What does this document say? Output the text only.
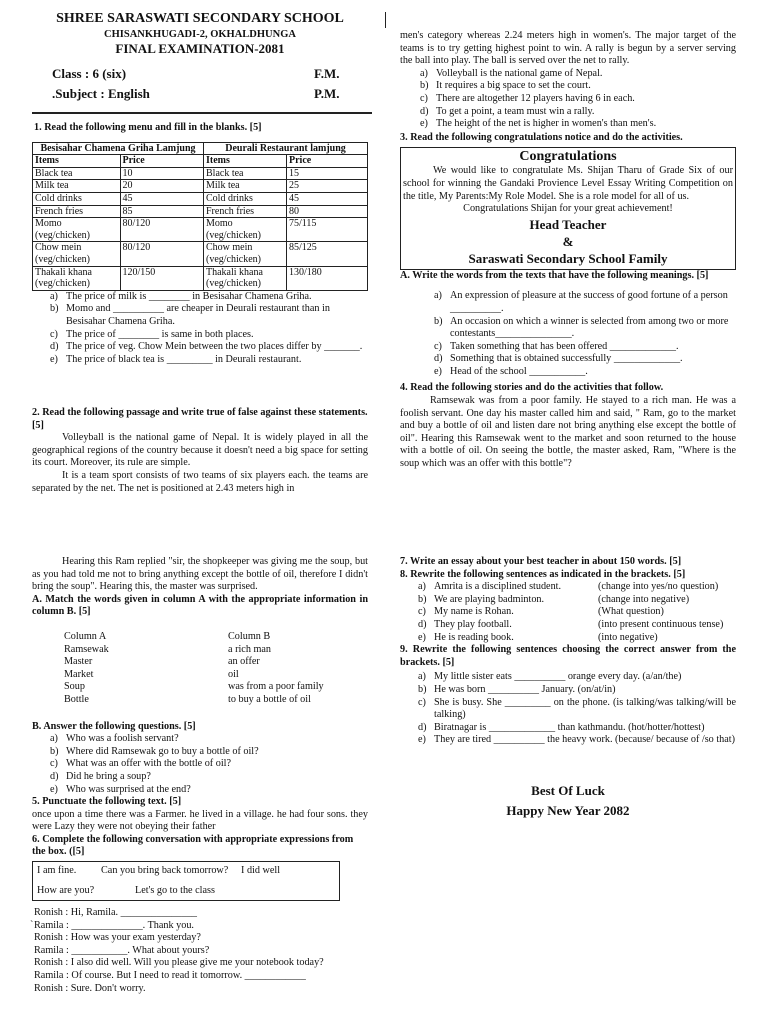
SHREE SARASWATI SECONDARY SCHOOL
CHISANKHUGADI-2, OKHALDHUNGA
FINAL EXAMINATION-2081
Class : 6 (six)	F.M.
.Subject : English	P.M.
1. Read the following menu and fill in the blanks. [5]
Besisahar Chamena Griha Lamjung		Deurali Restaurant lamjung	
Items	Price	Items	Price
Black tea	10	Black tea	15
Milk tea	20	Milk tea	25
Cold drinks	45	Cold drinks	45
French fries	85	French fries	80
Momo (veg/chicken)	80/120	Momo (veg/chicken)	75/115
Chow mein (veg/chicken)	80/120	Chow mein (veg/chicken)	85/125
Thakali khana (veg/chicken)	120/150	Thakali khana (veg/chicken)	130/180
a) The price of milk is ________ in Besisahar Chamena Griha.
b) Momo and __________ are cheaper in Deurali restaurant than in Besisahar Chamena Griha.
c) The price of ________ is same in both places.
d) The price of veg. Chow Mein between the two places differ by _______.
e) The price of black tea is _________ in Deurali restaurant.
2. Read the following passage and write true of false against these statements. [5]

Volleyball is the national game of Nepal. It is widely played in all the geographical regions of the country because it doesn't need a big space for setting its court. Moreover, its rule are simple.

It is a team sport consists of two teams of six players each. the teams are separated by the net. The net is positioned at 2.43 meters high in

men's category whereas 2.24 meters high in women's. The major target of the teams is to try getting highest point to win. A rally is begun by a server serving the ball into play. The ball is served over the net to rally.

a) Volleyball is the national game of Nepal.
b) It requires a big space to set the court.
c) There are altogether 12 players having 6 in each.
d) To get a point, a team must win a rally.
e) The height of the net is higher in women's than men's.
3. Read the following congratulations notice and do the activities.
Congratulations

We would like to congratulate Ms. Shijan Tharu of Grade Six of our school for winning the Gandaki Provience Level Essay Writing Competition on the title, My Parents:My Role Model. She is a role model for all of us.

Congratulations Shijan for your great achievement!
Head Teacher
&
Saraswati Secondary School Family
A. Write the words from the texts that have the following meanings. [5]
a) An expression of pleasure at the success of good fortune of a person __________.
b) An occasion on which a winner is selected from among two or more contestants_______________.
c) Taken something that has been offered _____________.
d) Something that is obtained successfully _____________.
e) Head of the school ___________.
4. Read the following stories and do the activities that follow.

Ramsewak was from a poor family. He stayed to a rich man. He was a foolish servant. One day his master called him and said, " Ram, go to the market and buy a bottle of oil and listen dare not bring anything else except the bottle of oil". Hearing this Ramsewak went to the market and soon returned to the house with a bottle of oil. On seeing the bottle, the master asked, Ram, "Where is the soup which was an offer with this bottle"?

Hearing this Ram replied "sir, the shopkeeper was giving me the soup, but as you had told me not to bring anything except the bottle of oil, therefore I didn't bring the soup". Hearing this, the master was surprised.

A. Match the words given in column A with the appropriate information in column B. [5]
Column A	Column B
Ramsewak	a rich man
Master	an offer
Market	oil
Soup	was from a poor family
Bottle	to buy a bottle of oil
B. Answer the following questions. [5]
a) Who was a foolish servant?
b) Where did Ramsewak go to buy a bottle of oil?
c) What was an offer with the bottle of oil?
d) Did he bring a soup?
e) Who was surprised at the end?
5. Punctuate the following text. [5]

once upon a time there was a Farmer. he lived in a village. he had four sons. they were Lazy they were not obeying their father

6. Complete the following conversation with appropriate expressions from the box. ([5]
I am fine. Can you bring back tomorrow? I did well
How are you?	Let's go to the class
`
Ronish : Hi, Ramila. _______________
Ramila : ______________. Thank you.
Ronish : How was your exam yesterday?
Ramila : ___________. What about yours?
Ronish : I also did well. Will you please give me your notebook today?
Ramila : Of course. But I need to read it tomorrow. ____________
Ronish : Sure. Don't worry.
7. Write an essay about your best teacher in about 150 words. [5]
8. Rewrite the following sentences as indicated in the brackets. [5]
a) Amrita is a disciplined student.	(change into yes/no question)
b) We are playing badminton.	(change into negative)
c) My name is Rohan.	(What question)
d) They play football.	(into present continuous tense)
e) He is reading book.	(into negative)
9. Rewrite the following sentences choosing the correct answer from the brackets. [5]
a) My little sister eats __________ orange every day. (a/an/the)
b) He was born __________ January. (on/at/in)
c) She is busy. She _________ on the phone. (is talking/was talking/will be talking)
d) Biratnagar is _____________ than kathmandu. (hot/hotter/hottest)
e) They are tired __________ the heavy work. (because/ because of /so that)
Best Of Luck
Happy New Year 2082
